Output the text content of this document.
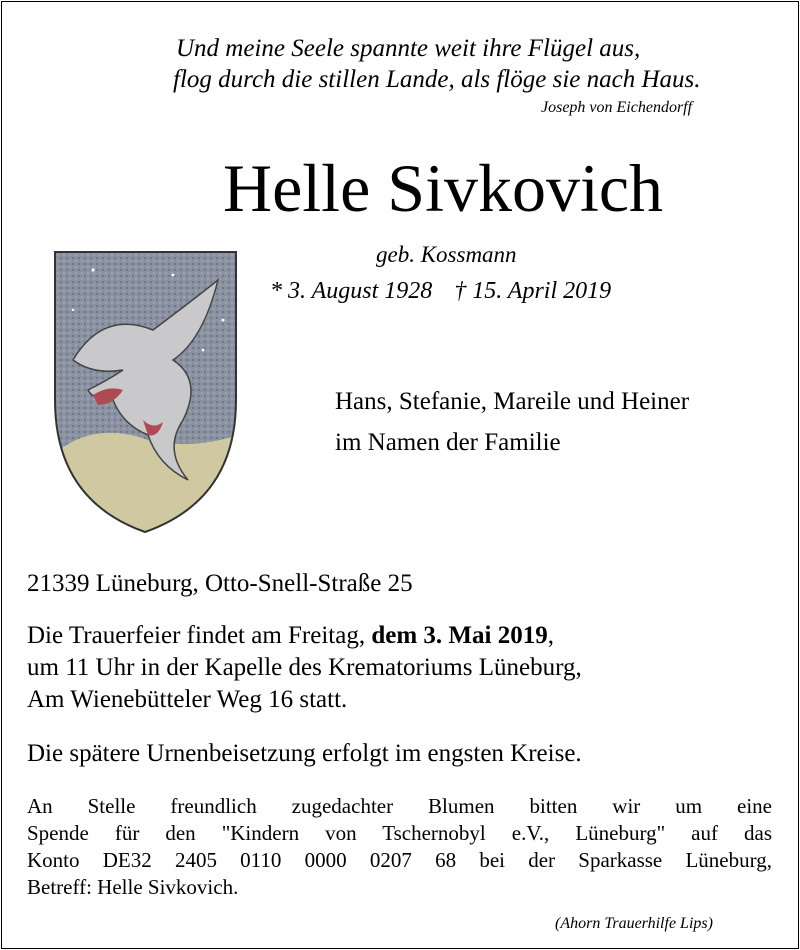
Und meine Seele spannte weit ihre Flügel aus,
flog durch die stillen Lande, als flöge sie nach Haus.
Joseph von Eichendorff
Helle Sivkovich
geb. Kossmann
* 3. August 1928 † 15. April 2019
Hans, Stefanie, Mareile und Heiner
im Namen der Familie
21339 Lüneburg, Otto-Snell-Straße 25
Die Trauerfeier findet am Freitag, dem 3. Mai 2019,
um 11 Uhr in der Kapelle des Krematoriums Lüneburg,
Am Wienebütteler Weg 16 statt.
Die spätere Urnenbeisetzung erfolgt im engsten Kreise.
An Stelle freundlich zugedachter Blumen bitten wir um eine
Spende für den "Kindern von Tschernobyl e.V., Lüneburg" auf das
Konto DE32 2405 0110 0000 0207 68 bei der Sparkasse Lüneburg,
Betreff: Helle Sivkovich.
(Ahorn Trauerhilfe Lips)
